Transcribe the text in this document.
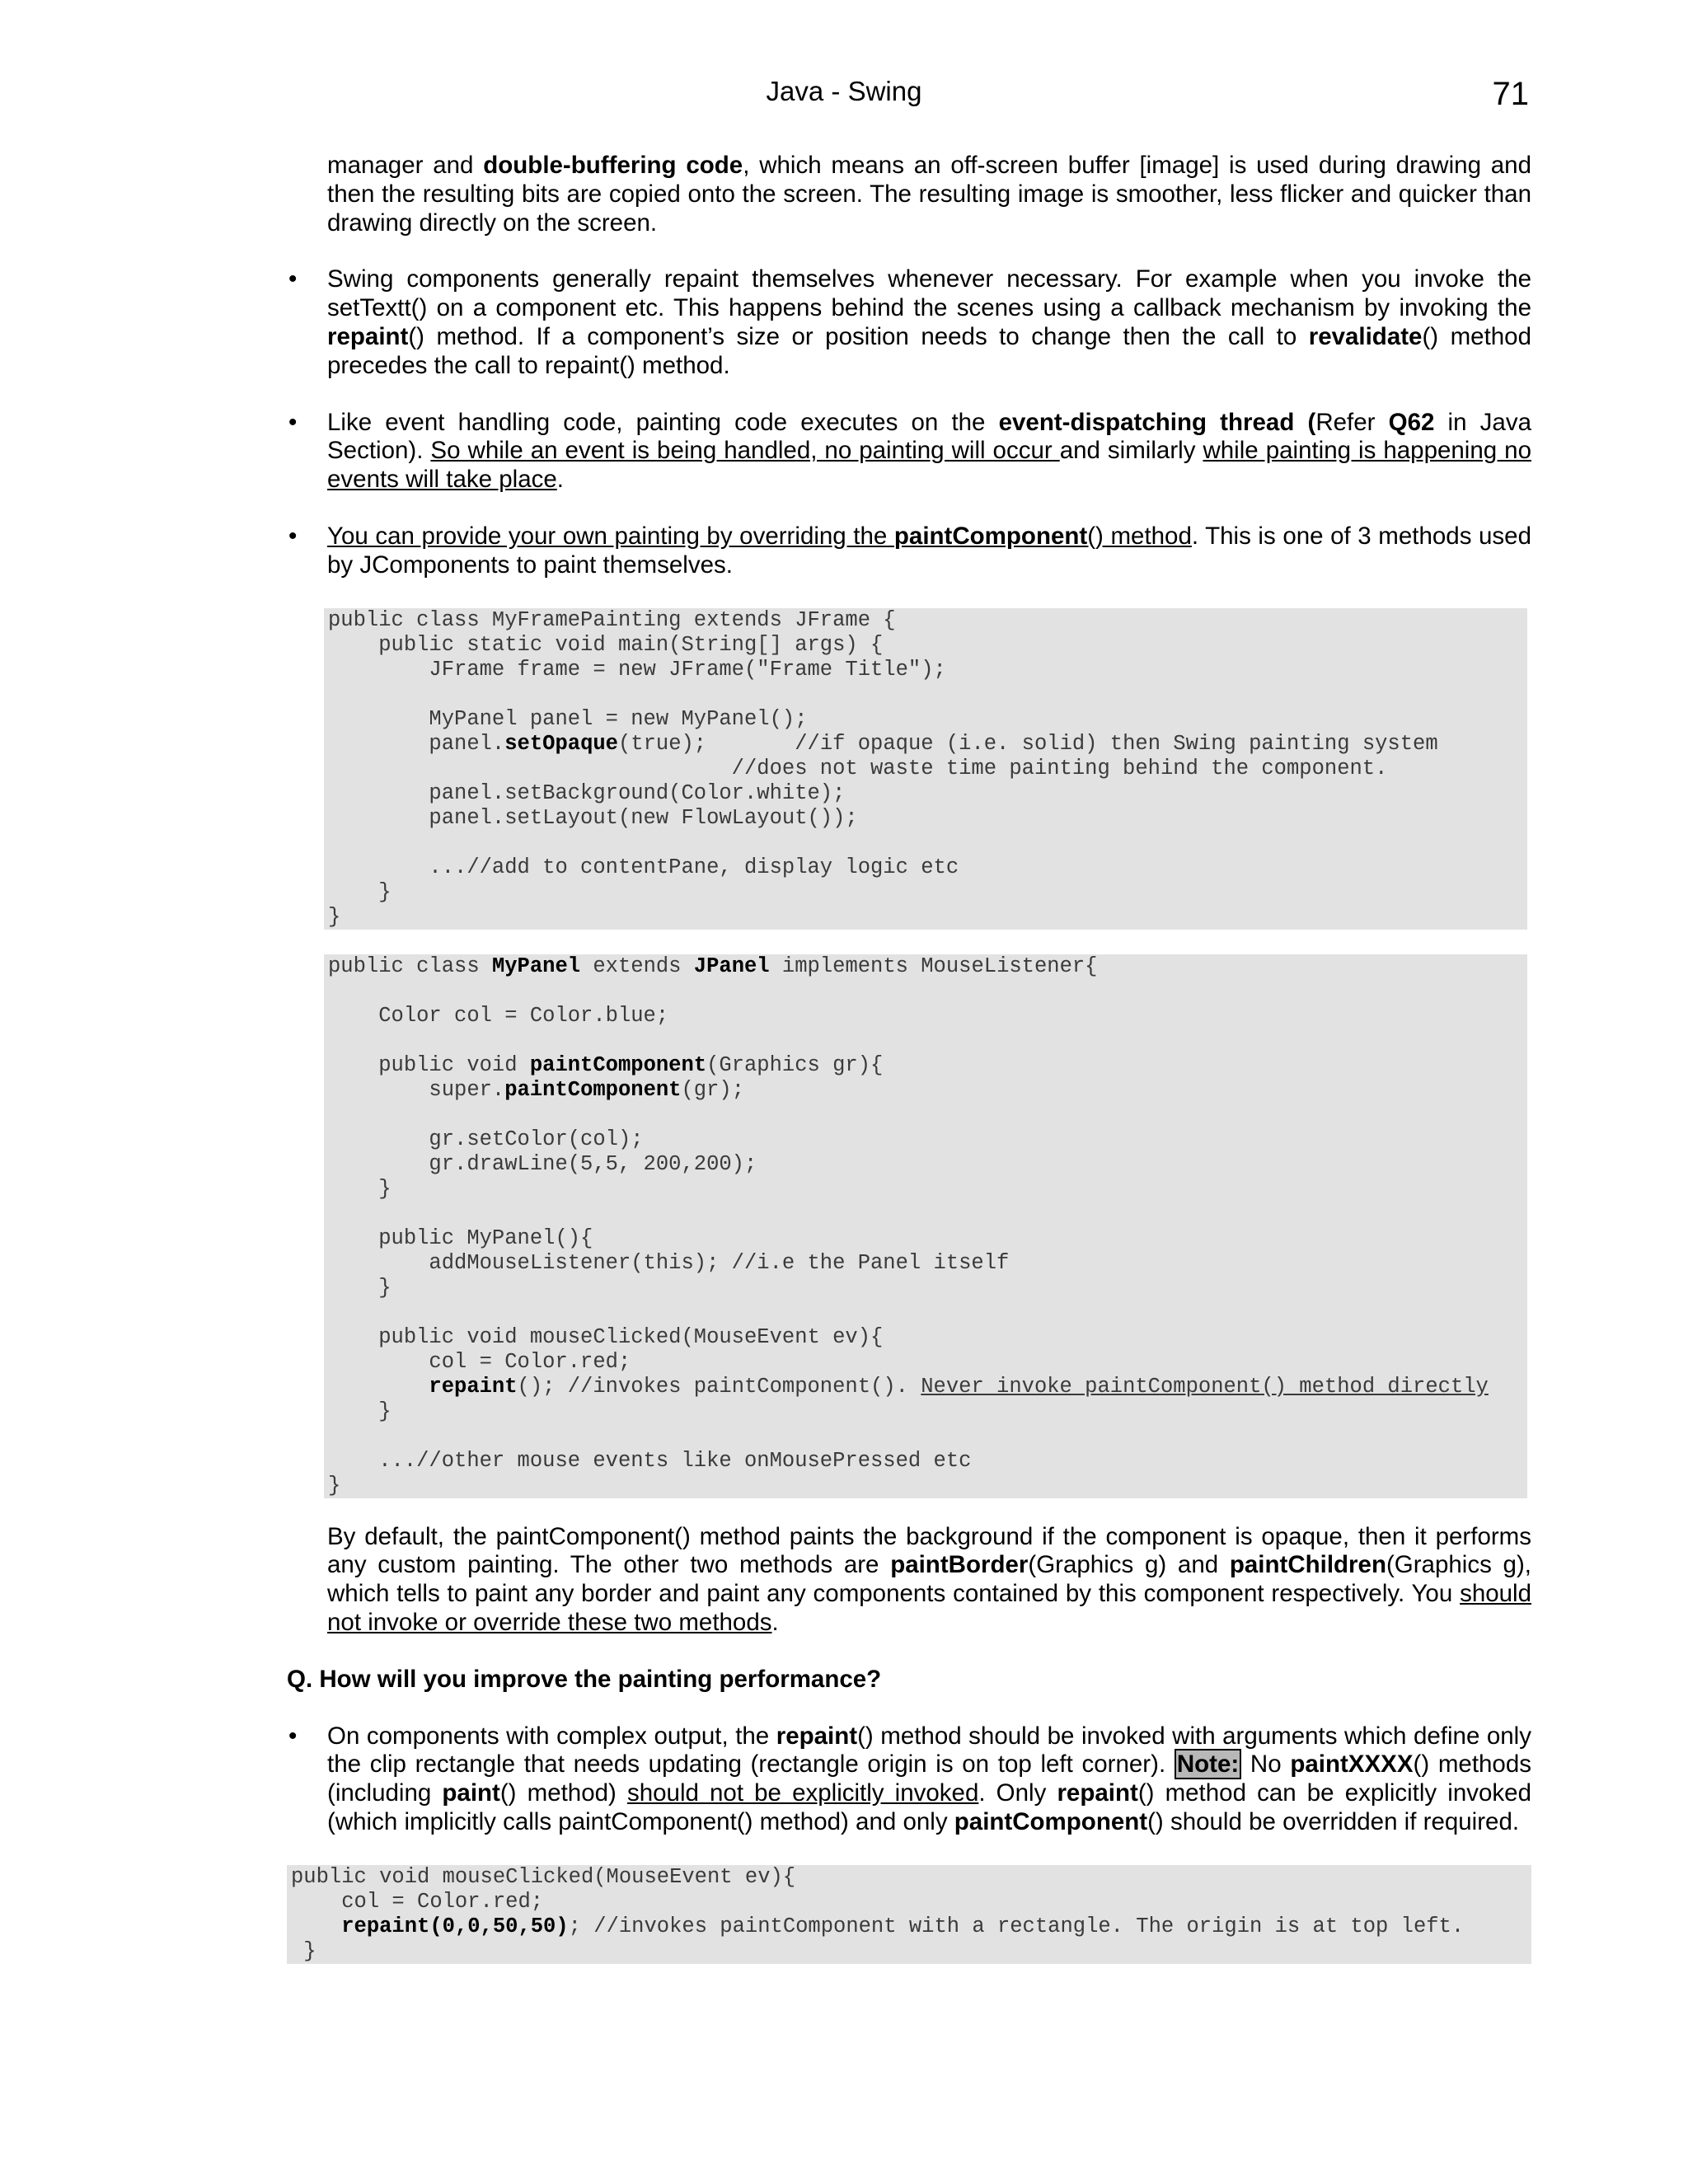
Java - Swing	71

manager and double-buffering code, which means an off-screen buffer [image] is used during drawing and then the resulting bits are copied onto the screen. The resulting image is smoother, less flicker and quicker than drawing directly on the screen.

• Swing components generally repaint themselves whenever necessary. For example when you invoke the setTextt() on a component etc. This happens behind the scenes using a callback mechanism by invoking the repaint() method. If a component’s size or position needs to change then the call to revalidate() method precedes the call to repaint() method.

• Like event handling code, painting code executes on the event-dispatching thread (Refer Q62 in Java Section). So while an event is being handled, no painting will occur and similarly while painting is happening no events will take place.

• You can provide your own painting by overriding the paintComponent() method. This is one of 3 methods used by JComponents to paint themselves.

public class MyFramePainting extends JFrame {
public static void main(String[] args) {
JFrame frame = new JFrame("Frame Title");
MyPanel panel = new MyPanel();
panel.setOpaque(true);       //if opaque (i.e. solid) then Swing painting system
//does not waste time painting behind the component.
panel.setBackground(Color.white);
panel.setLayout(new FlowLayout());
...//add to contentPane, display logic etc
}
}
public class MyPanel extends JPanel implements MouseListener{
Color col = Color.blue;
public void paintComponent(Graphics gr){
super.paintComponent(gr);
gr.setColor(col);
gr.drawLine(5,5, 200,200);
}
public MyPanel(){
addMouseListener(this); //i.e the Panel itself
}
public void mouseClicked(MouseEvent ev){
col = Color.red;
repaint(); //invokes paintComponent(). Never invoke paintComponent() method directly
}
...//other mouse events like onMousePressed etc
}

By default, the paintComponent() method paints the background if the component is opaque, then it performs any custom painting. The other two methods are paintBorder(Graphics g) and paintChildren(Graphics g), which tells to paint any border and paint any components contained by this component respectively. You should not invoke or override these two methods.

Q. How will you improve the painting performance?

• On components with complex output, the repaint() method should be invoked with arguments which define only the clip rectangle that needs updating (rectangle origin is on top left corner). Note: No paintXXXX() methods (including paint() method) should not be explicitly invoked. Only repaint() method can be explicitly invoked (which implicitly calls paintComponent() method) and only paintComponent() should be overridden if required.

public void mouseClicked(MouseEvent ev){
col = Color.red;
repaint(0,0,50,50); //invokes paintComponent with a rectangle. The origin is at top left.
}
